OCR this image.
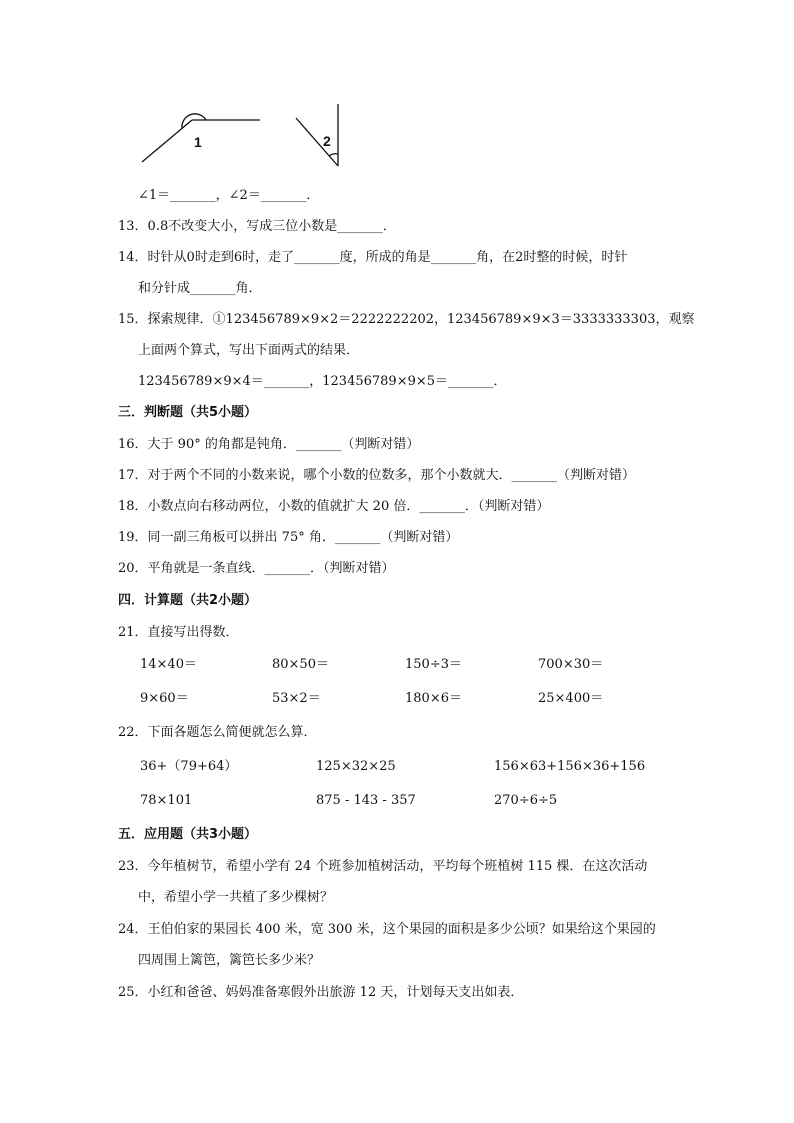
1	2
∠1＝_______，∠2＝_______．
13．0.8不改变大小，写成三位小数是_______．
14．时针从0时走到6时，走了_______度，所成的角是_______角，在2时整的时候，时针
和分针成_______角．
15．探索规律．①123456789×9×2＝2222222202，123456789×9×3＝3333333303，观察
上面两个算式，写出下面两式的结果．
123456789×9×4＝_______，123456789×9×5＝_______．
三．判断题（共5小题）
16．大于 90° 的角都是钝角．_______（判断对错）
17．对于两个不同的小数来说，哪个小数的位数多，那个小数就大．_______（判断对错）
18．小数点向右移动两位，小数的值就扩大 20 倍．_______．（判断对错）
19．同一副三角板可以拼出 75° 角．_______（判断对错）
20．平角就是一条直线．_______．（判断对错）
四．计算题（共2小题）
21．直接写出得数．
14×40＝	80×50＝	150÷3＝	700×30＝
9×60＝	53×2＝	180×6＝	25×400＝
22．下面各题怎么简便就怎么算．
36+（79+64）	125×32×25	156×63+156×36+156
78×101	875 - 143 - 357	270÷6÷5
五．应用题（共3小题）
23．今年植树节，希望小学有 24 个班参加植树活动，平均每个班植树 115 棵．在这次活动
中，希望小学一共植了多少棵树？
24．王伯伯家的果园长 400 米，宽 300 米，这个果园的面积是多少公顷？如果给这个果园的
四周围上篱笆，篱笆长多少米？
25．小红和爸爸、妈妈准备寒假外出旅游 12 天，计划每天支出如表．
